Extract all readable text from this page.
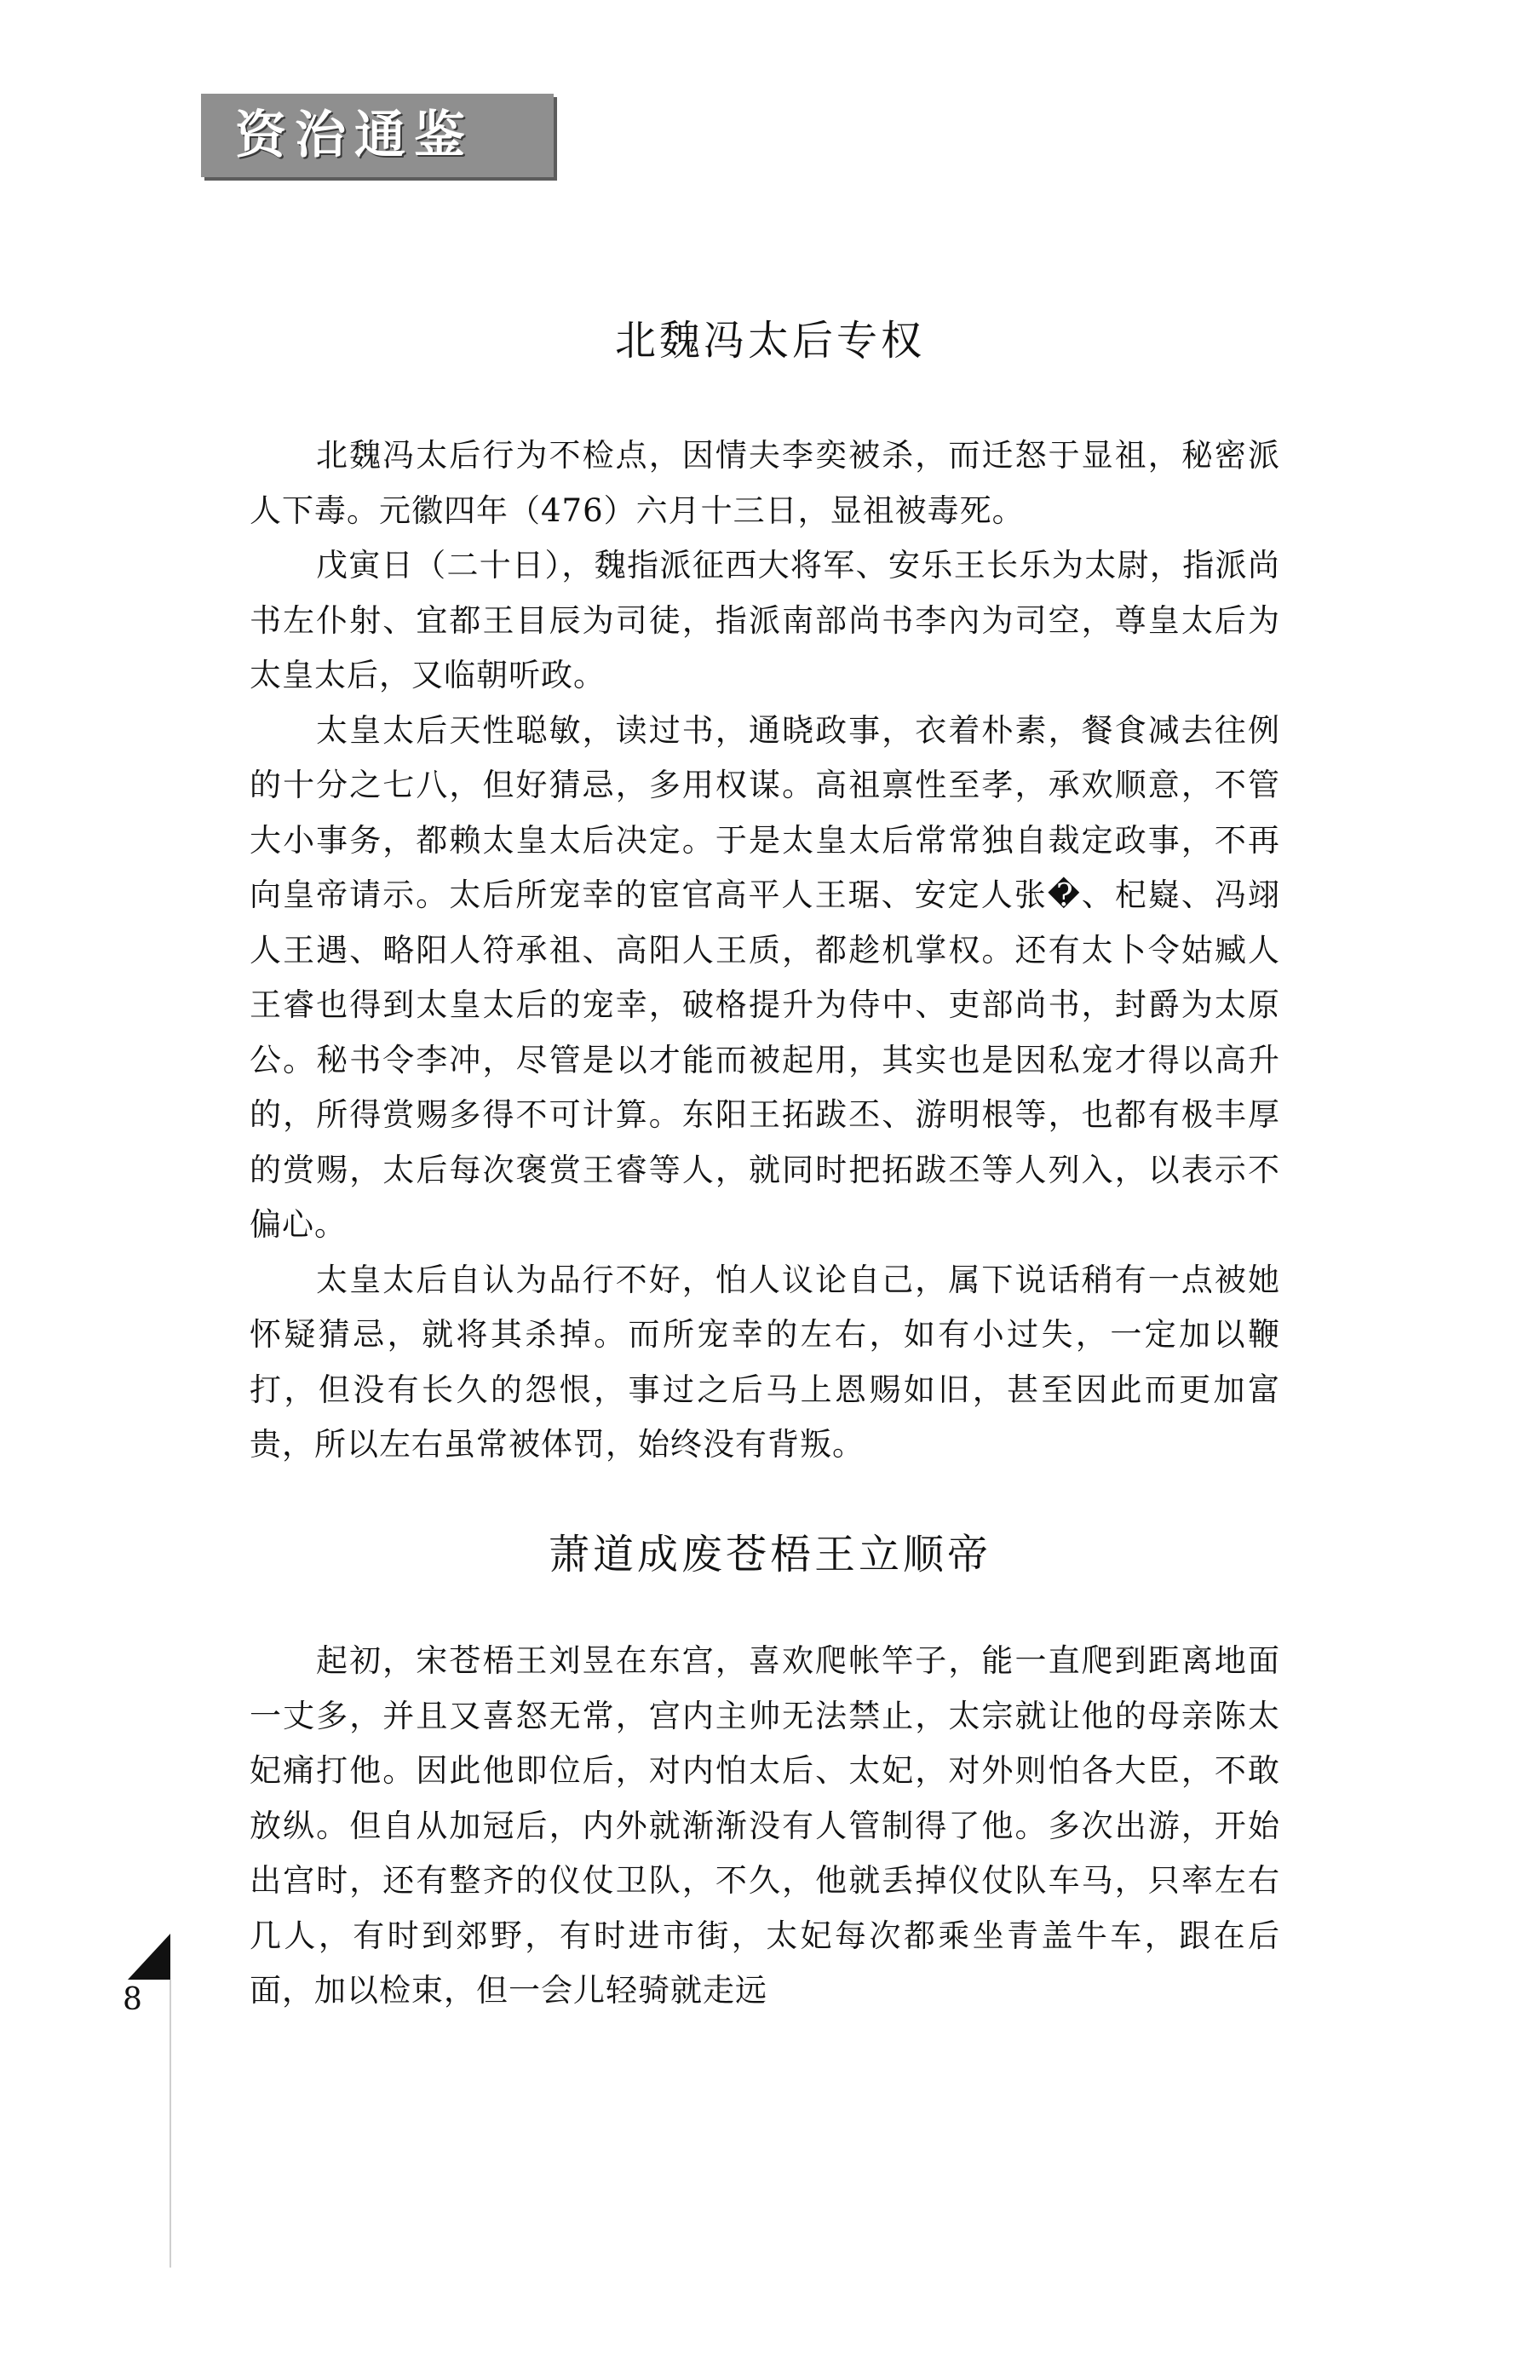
资治通鉴
北魏冯太后专权

北魏冯太后行为不检点，因情夫李奕被杀，而迁怒于显祖，秘密派人下毒。元徽四年（476）六月十三日，显祖被毒死。

戊寅日（二十日），魏指派征西大将军、安乐王长乐为太尉，指派尚书左仆射、宜都王目辰为司徒，指派南部尚书李內为司空，尊皇太后为太皇太后，又临朝听政。

太皇太后天性聪敏，读过书，通晓政事，衣着朴素，餐食减去往例的十分之七八，但好猜忌，多用权谋。高祖禀性至孝，承欢顺意，不管大小事务，都赖太皇太后决定。于是太皇太后常常独自裁定政事，不再向皇帝请示。太后所宠幸的宦官高平人王琚、安定人张�、杞嶷、冯翊人王遇、略阳人符承祖、高阳人王质，都趁机掌权。还有太卜令姑臧人王睿也得到太皇太后的宠幸，破格提升为侍中、吏部尚书，封爵为太原公。秘书令李冲，尽管是以才能而被起用，其实也是因私宠才得以高升的，所得赏赐多得不可计算。东阳王拓跋丕、游明根等，也都有极丰厚的赏赐，太后每次褒赏王睿等人，就同时把拓跋丕等人列入，以表示不偏心。

太皇太后自认为品行不好，怕人议论自己，属下说话稍有一点被她怀疑猜忌，就将其杀掉。而所宠幸的左右，如有小过失，一定加以鞭打，但没有长久的怨恨，事过之后马上恩赐如旧，甚至因此而更加富贵，所以左右虽常被体罚，始终没有背叛。

萧道成废苍梧王立顺帝

起初，宋苍梧王刘昱在东宫，喜欢爬帐竿子，能一直爬到距离地面一丈多，并且又喜怒无常，宫内主帅无法禁止，太宗就让他的母亲陈太妃痛打他。因此他即位后，对内怕太后、太妃，对外则怕各大臣，不敢放纵。但自从加冠后，内外就渐渐没有人管制得了他。多次出游，开始出宫时，还有整齐的仪仗卫队，不久，他就丢掉仪仗队车马，只率左右几人，有时到郊野，有时进市街，太妃每次都乘坐青盖牛车，跟在后面，加以检束，但一会儿轻骑就走远

8
